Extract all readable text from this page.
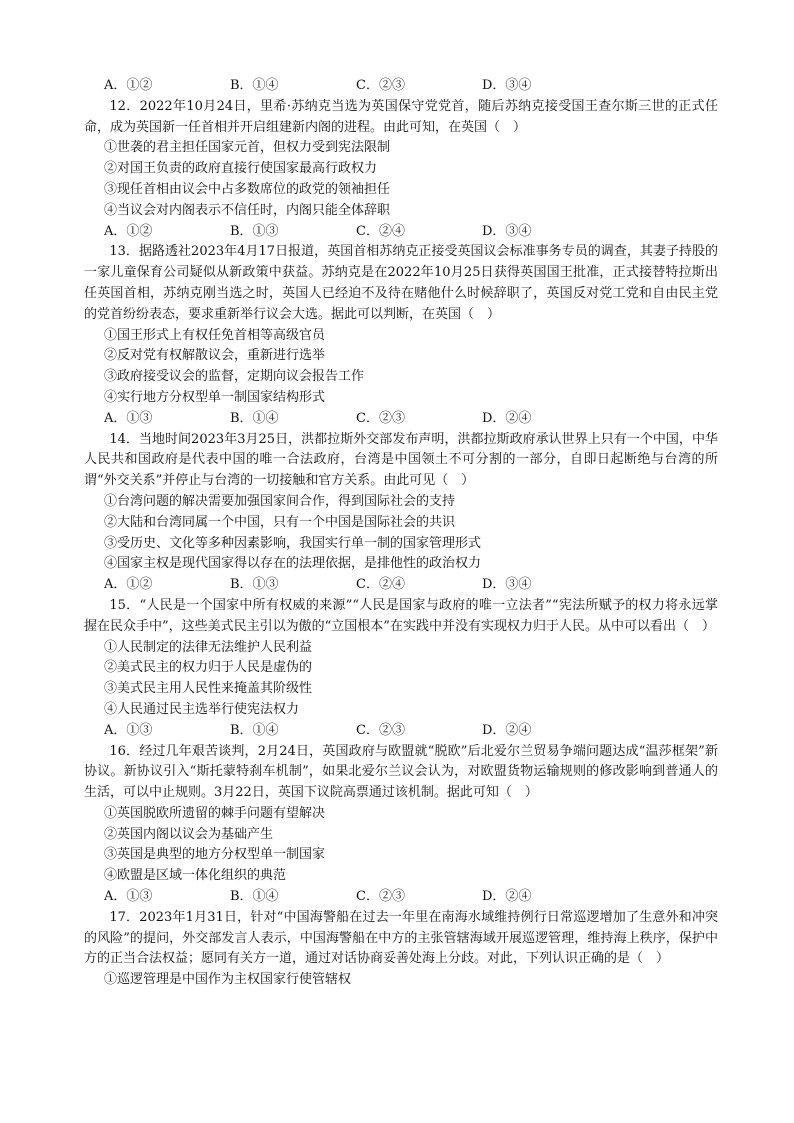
A．①②	B．①④	C．②③	D．③④
12．2022年10月24日，里希·苏纳克当选为英国保守党党首，随后苏纳克接受国王查尔斯三世的正式任命，成为英国新一任首相并开启组建新内阁的进程。由此可知，在英国（　）
①世袭的君主担任国家元首，但权力受到宪法限制
②对国王负责的政府直接行使国家最高行政权力
③现任首相由议会中占多数席位的政党的领袖担任
④当议会对内阁表示不信任时，内阁只能全体辞职
A．①②	B．①③	C．②④	D．③④
13．据路透社2023年4月17日报道，英国首相苏纳克正接受英国议会标准事务专员的调查，其妻子持股的一家儿童保育公司疑似从新政策中获益。苏纳克是在2022年10月25日获得英国国王批准，正式接替特拉斯出任英国首相，苏纳克刚当选之时，英国人已经迫不及待在赌他什么时候辞职了，英国反对党工党和自由民主党的党首纷纷表态，要求重新举行议会大选。据此可以判断，在英国（　）
①国王形式上有权任免首相等高级官员
②反对党有权解散议会，重新进行选举
③政府接受议会的监督，定期向议会报告工作
④实行地方分权型单一制国家结构形式
A．①③	B．①④	C．②③	D．②④
14．当地时间2023年3月25日，洪都拉斯外交部发布声明，洪都拉斯政府承认世界上只有一个中国，中华人民共和国政府是代表中国的唯一合法政府，台湾是中国领土不可分割的一部分，自即日起断绝与台湾的所谓“外交关系”并停止与台湾的一切接触和官方关系。由此可见（　）
①台湾问题的解决需要加强国家间合作，得到国际社会的支持
②大陆和台湾同属一个中国，只有一个中国是国际社会的共识
③受历史、文化等多种因素影响，我国实行单一制的国家管理形式
④国家主权是现代国家得以存在的法理依据，是排他性的政治权力
A．①②	B．①③	C．②④	D．③④
15．“人民是一个国家中所有权威的来源”“人民是国家与政府的唯一立法者”“宪法所赋予的权力将永远掌握在民众手中”，这些美式民主引以为傲的“立国根本”在实践中并没有实现权力归于人民。从中可以看出（　）
①人民制定的法律无法维护人民利益
②美式民主的权力归于人民是虚伪的
③美式民主用人民性来掩盖其阶级性
④人民通过民主选举行使宪法权力
A．①③	B．①④	C．②③	D．②④
16．经过几年艰苦谈判，2月24日，英国政府与欧盟就“脱欧”后北爱尔兰贸易争端问题达成“温莎框架”新协议。新协议引入“斯托蒙特刹车机制”，如果北爱尔兰议会认为，对欧盟货物运输规则的修改影响到普通人的生活，可以中止规则。3月22日，英国下议院高票通过该机制。据此可知（　）
①英国脱欧所遗留的棘手问题有望解决
②英国内阁以议会为基础产生
③英国是典型的地方分权型单一制国家
④欧盟是区域一体化组织的典范
A．①③	B．①④	C．②③	D．②④
17．2023年1月31日，针对“中国海警船在过去一年里在南海水域维持例行日常巡逻增加了生意外和冲突的风险”的提问，外交部发言人表示，中国海警船在中方的主张管辖海域开展巡逻管理，维持海上秩序，保护中方的正当合法权益；愿同有关方一道，通过对话协商妥善处海上分歧。对此，下列认识正确的是（　）
①巡逻管理是中国作为主权国家行使管辖权
